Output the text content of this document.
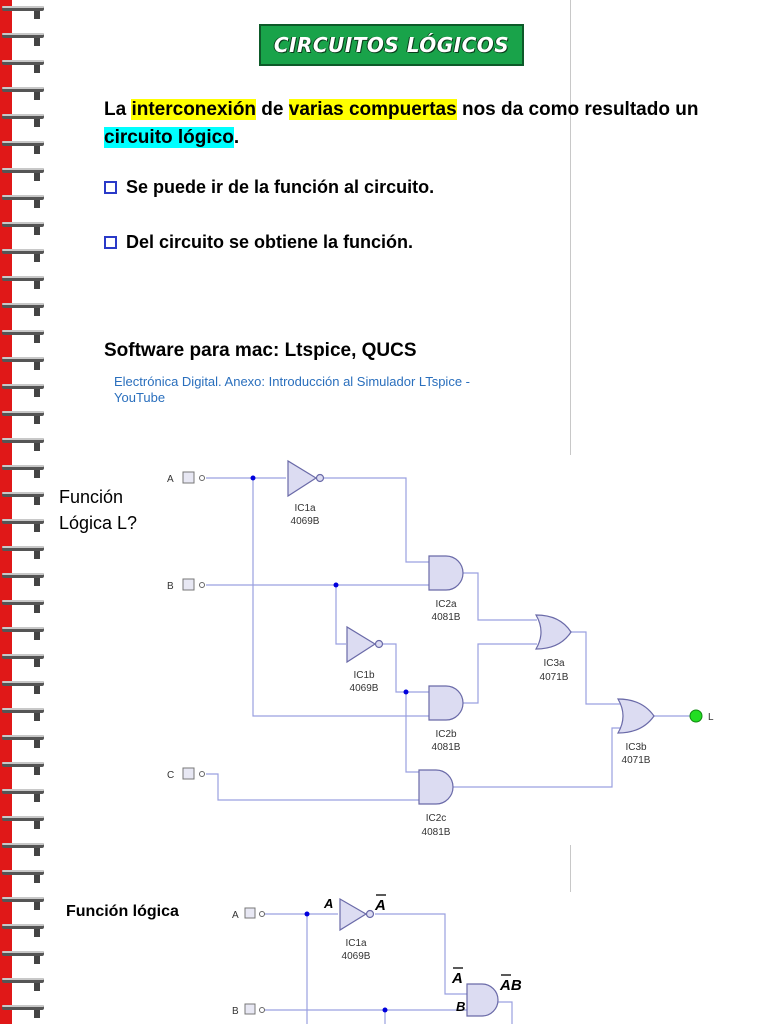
CIRCUITOS LÓGICOS
La interconexión de varias compuertas nos da como resultado un circuito lógico.
Se puede ir de la función al circuito.
Del circuito se obtiene la función.
Software para mac: Ltspice, QUCS
Electrónica Digital. Anexo: Introducción al Simulador LTspice - YouTube
Función
Lógica L?
A
B
C
IC1a
4069B
IC2a
4081B
IC1b
4069B
IC3a
4071B
IC2b
4081B	IC3b
4071B
IC2c
4081B
L
Función lógica	A
B
IC1a
4069B
A	A
A
B
AB
